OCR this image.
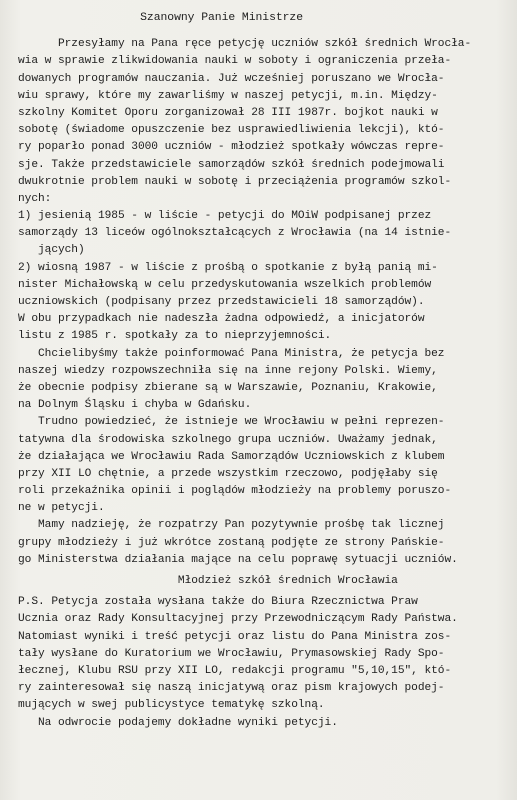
Szanowny Panie Ministrze
Przesyłamy na Pana ręce petycję uczniów szkół średnich Wrocła-
wia w sprawie zlikwidowania nauki w soboty i ograniczenia przeła-
dowanych programów nauczania. Już wcześniej poruszano we Wrocła-
wiu sprawy, które my zawarliśmy w naszej petycji, m.in. Między-
szkolny Komitet Oporu zorganizował 28 III 1987r. bojkot nauki w
sobotę (świadome opuszczenie bez usprawiedliwienia lekcji), któ-
ry poparło ponad 3000 uczniów - młodzież spotkały wówczas repre-
sje. Także przedstawiciele samorządów szkół średnich podejmowali
dwukrotnie problem nauki w sobotę i przeciążenia programów szkol-
nych:
1) jesienią 1985 - w liście - petycji do MOiW podpisanej przez
samorządy 13 liceów ogólnokształcących z Wrocławia (na 14 istnie-
jących)
2) wiosną 1987 - w liście z prośbą o spotkanie z byłą panią mi-
nister Michałowską w celu przedyskutowania wszelkich problemów
uczniowskich (podpisany przez przedstawicieli 18 samorządów).
W obu przypadkach nie nadeszła żadna odpowiedź, a inicjatorów
listu z 1985 r. spotkały za to nieprzyjemności.
Chcielibyśmy także poinformować Pana Ministra, że petycja bez
naszej wiedzy rozpowszechniła się na inne rejony Polski. Wiemy,
że obecnie podpisy zbierane są w Warszawie, Poznaniu, Krakowie,
na Dolnym Śląsku i chyba w Gdańsku.
Trudno powiedzieć, że istnieje we Wrocławiu w pełni reprezen-
tatywna dla środowiska szkolnego grupa uczniów. Uważamy jednak,
że działająca we Wrocławiu Rada Samorządów Uczniowskich z klubem
przy XII LO chętnie, a przede wszystkim rzeczowo, podjęłaby się
roli przekaźnika opinii i poglądów młodzieży na problemy poruszo-
ne w petycji.
Mamy nadzieję, że rozpatrzy Pan pozytywnie prośbę tak licznej
grupy młodzieży i już wkrótce zostaną podjęte ze strony Pańskie-
go Ministerstwa działania mające na celu poprawę sytuacji uczniów.
Młodzież szkół średnich Wrocławia
P.S. Petycja została wysłana także do Biura Rzecznictwa Praw
Ucznia oraz Rady Konsultacyjnej przy Przewodniczącym Rady Państwa.
Natomiast wyniki i treść petycji oraz listu do Pana Ministra zos-
tały wysłane do Kuratorium we Wrocławiu, Prymasowskiej Rady Spo-
łecznej, Klubu RSU przy XII LO, redakcji programu "5,10,15", któ-
ry zainteresował się naszą inicjatywą oraz pism krajowych podej-
mujących w swej publicystyce tematykę szkolną.
Na odwrocie podajemy dokładne wyniki petycji.
